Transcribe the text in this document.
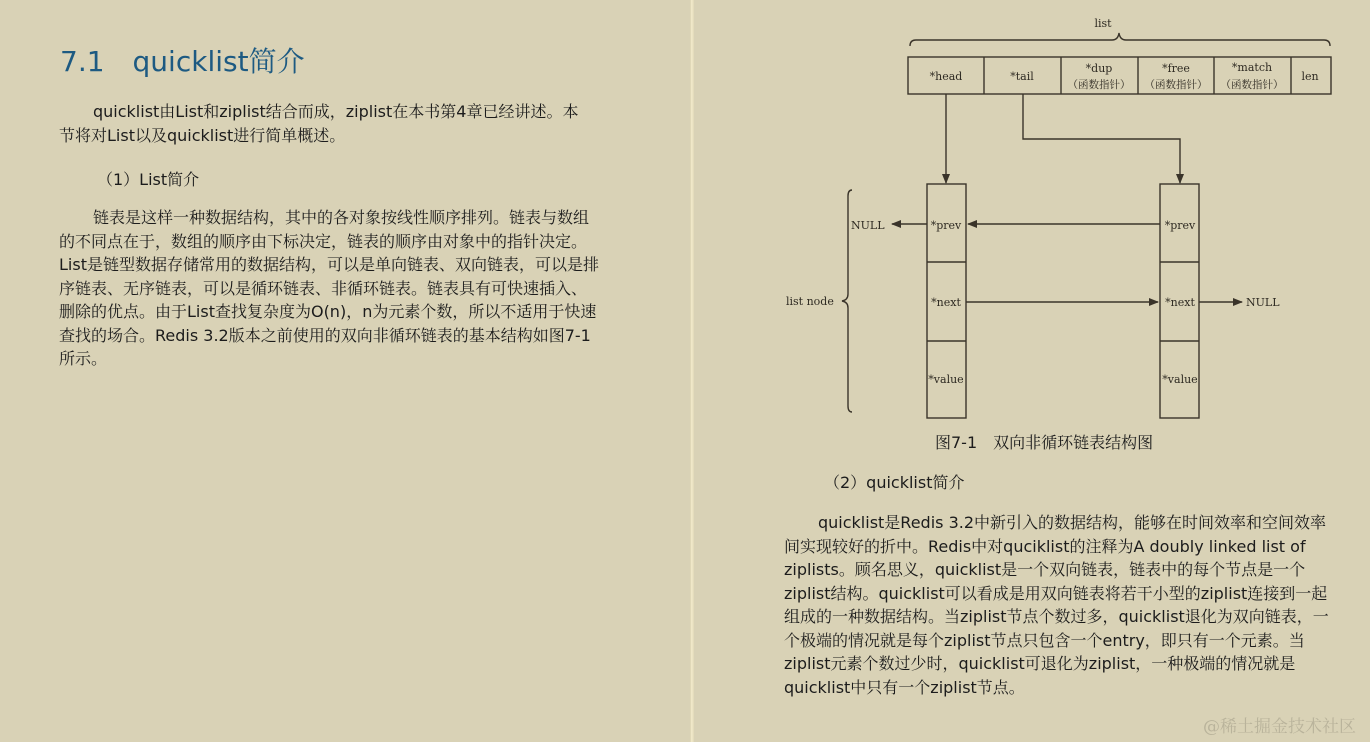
7.1 quicklist简介

quicklist由List和ziplist结合而成，ziplist在本书第4章已经讲述。本节将对List以及quicklist进行简单概述。

（1）List简介

链表是这样一种数据结构，其中的各对象按线性顺序排列。链表与数组的不同点在于，数组的顺序由下标决定，链表的顺序由对象中的指针决定。List是链型数据存储常用的数据结构，可以是单向链表、双向链表，可以是排序链表、无序链表，可以是循环链表、非循环链表。链表具有可快速插入、删除的优点。由于List查找复杂度为O(n)，n为元素个数，所以不适用于快速查找的场合。Redis 3.2版本之前使用的双向非循环链表的基本结构如图7-1所示。

list
*head	*tail
*dup
（函数指针）
*free
（函数指针）
*match
（函数指针）
len
*prev
*next
*value
*prev
*next
*value
NULL
NULL
list node
图7-1 双向非循环链表结构图

（2）quicklist简介

quicklist是Redis 3.2中新引入的数据结构，能够在时间效率和空间效率间实现较好的折中。Redis中对quciklist的注释为A doubly linked list of ziplists。顾名思义，quicklist是一个双向链表，链表中的每个节点是一个ziplist结构。quicklist可以看成是用双向链表将若干小型的ziplist连接到一起组成的一种数据结构。当ziplist节点个数过多，quicklist退化为双向链表，一个极端的情况就是每个ziplist节点只包含一个entry，即只有一个元素。当ziplist元素个数过少时，quicklist可退化为ziplist，一种极端的情况就是quicklist中只有一个ziplist节点。

@稀土掘金技术社区
